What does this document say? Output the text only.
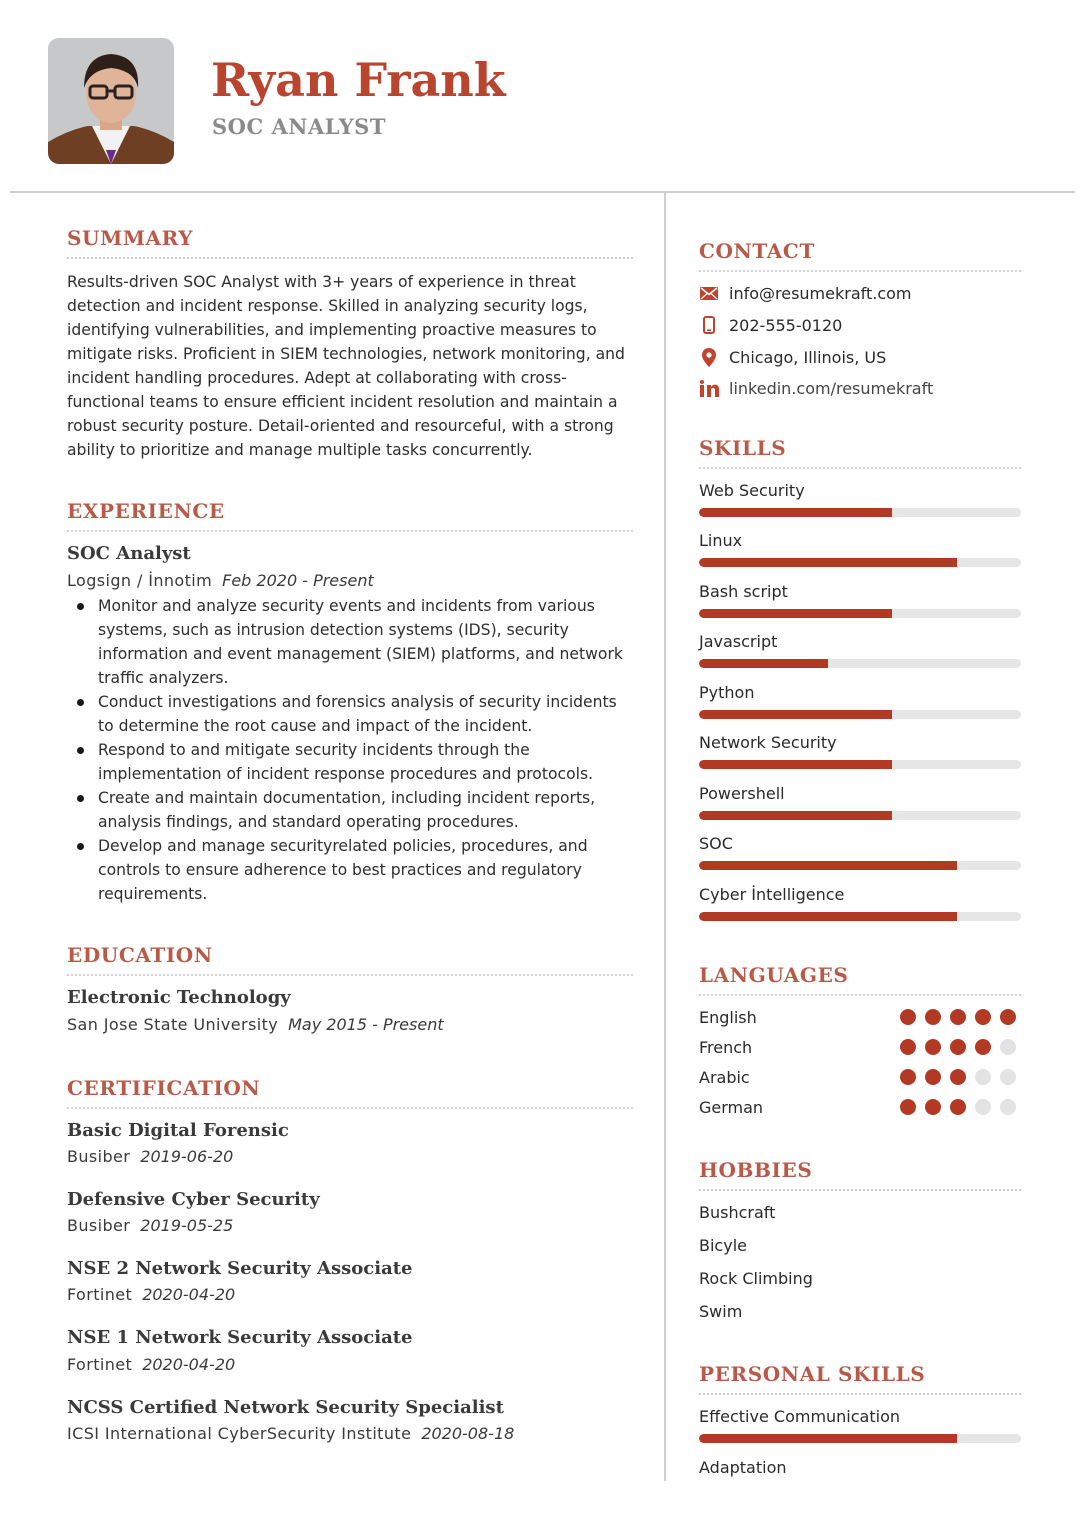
Ryan Frank
SOC ANALYST
SUMMARY
Results-driven SOC Analyst with 3+ years of experience in threat detection and incident response. Skilled in analyzing security logs, identifying vulnerabilities, and implementing proactive measures to mitigate risks. Proficient in SIEM technologies, network monitoring, and incident handling procedures. Adept at collaborating with cross-functional teams to ensure efficient incident resolution and maintain a robust security posture. Detail-oriented and resourceful, with a strong ability to prioritize and manage multiple tasks concurrently.
EXPERIENCE
SOC Analyst
Logsign / İnnotim Feb 2020 - Present
Monitor and analyze security events and incidents from various systems, such as intrusion detection systems (IDS), security information and event management (SIEM) platforms, and network traffic analyzers.
Conduct investigations and forensics analysis of security incidents to determine the root cause and impact of the incident.
Respond to and mitigate security incidents through the implementation of incident response procedures and protocols.
Create and maintain documentation, including incident reports, analysis findings, and standard operating procedures.
Develop and manage securityrelated policies, procedures, and controls to ensure adherence to best practices and regulatory requirements.
EDUCATION
Electronic Technology
San Jose State University May 2015 - Present
CERTIFICATION
Basic Digital Forensic
Busiber 2019-06-20
Defensive Cyber Security
Busiber 2019-05-25
NSE 2 Network Security Associate
Fortinet 2020-04-20
NSE 1 Network Security Associate
Fortinet 2020-04-20
NCSS Certified Network Security Specialist
ICSI International CyberSecurity Institute 2020-08-18
CONTACT
info@resumekraft.com
202-555-0120
Chicago, Illinois, US
linkedin.com/resumekraft
SKILLS
Web Security
Linux
Bash script
Javascript
Python
Network Security
Powershell
SOC
Cyber İntelligence
LANGUAGES
English
French
Arabic
German
HOBBIES
Bushcraft
Bicyle
Rock Climbing
Swim
PERSONAL SKILLS
Effective Communication
Adaptation
